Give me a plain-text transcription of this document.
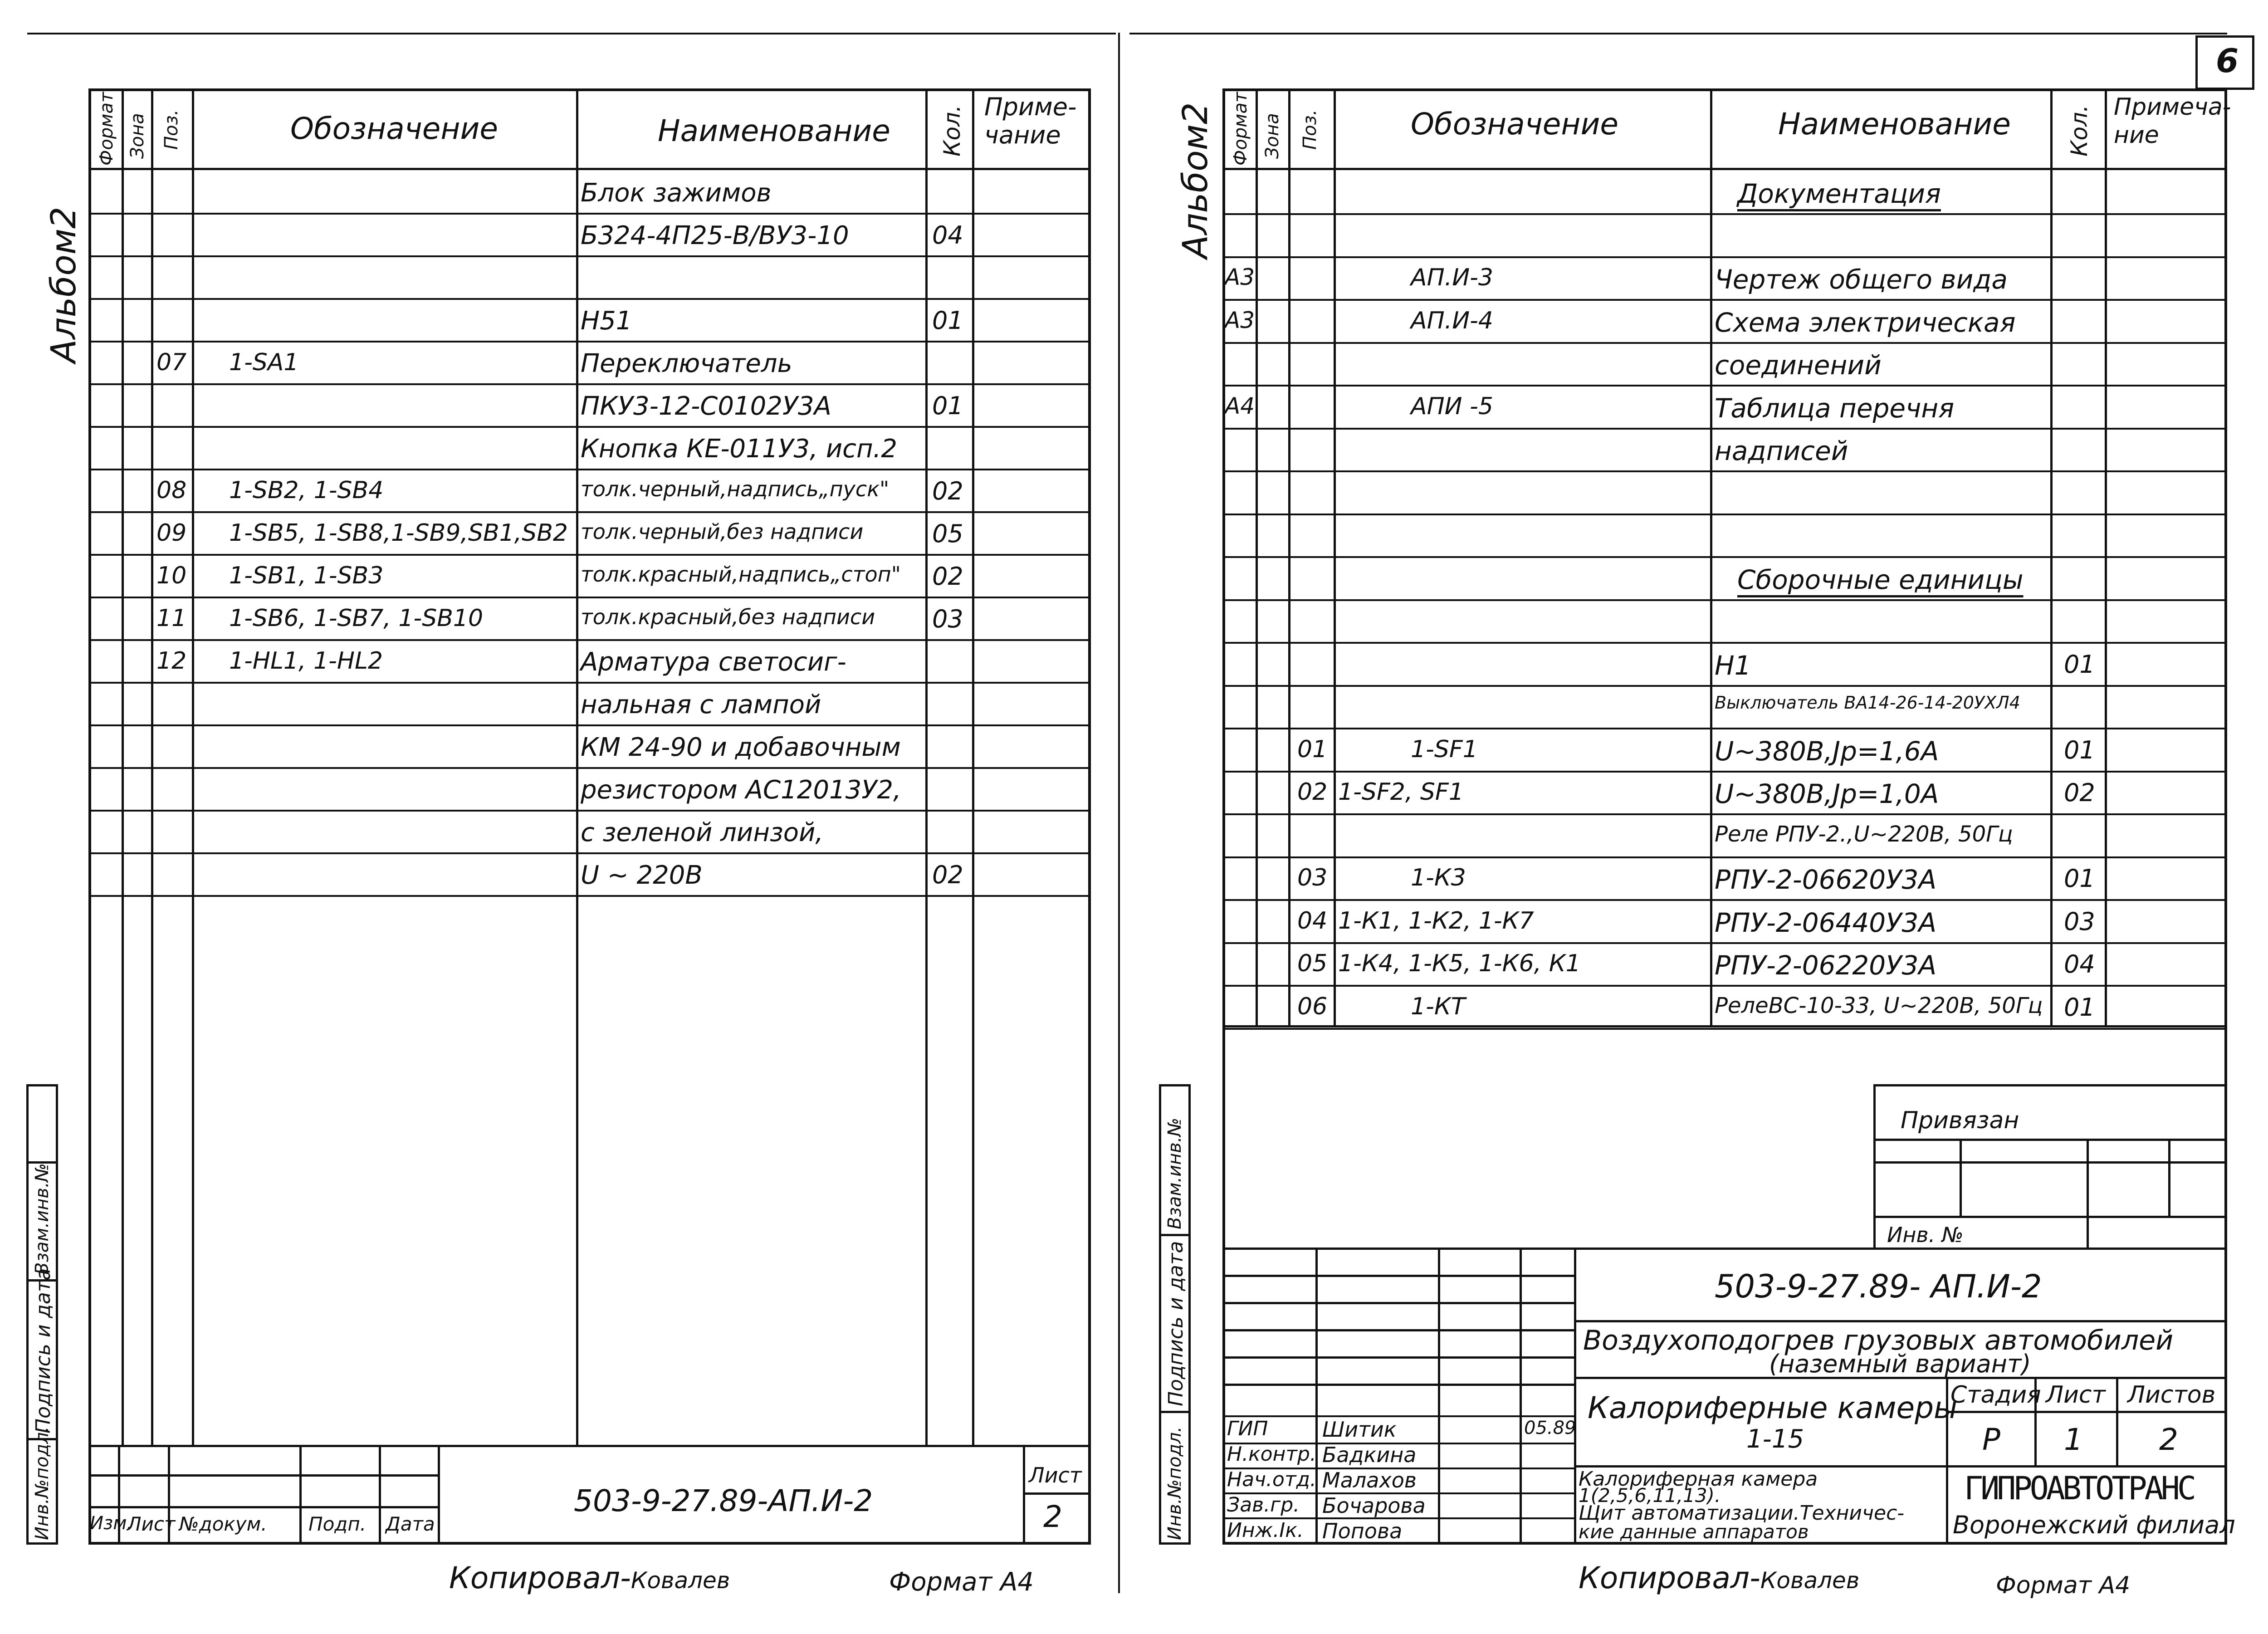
6
Альбом2
Формат Зона Поз.	Обозначение	Наименование Кол. Приме-
чание
Блок зажимов
Б324-4П25-В/ВУ3-10	04
Н51	01
07 1-SA1	Переключатель
ПКУ3-12-С0102У3А	01
Кнопка КЕ-011У3, исп.2
08 1-SB2, 1-SB4	толк.черный,надпись„пуск" 02
09 1-SB5, 1-SB8,1-SB9,SB1,SB2 толк.черный,без надписи	05
10 1-SB1, 1-SB3	толк.красный,надпись„стоп" 02
11 1-SB6, 1-SB7, 1-SB10	толк.красный,без надписи 03
12 1-HL1, 1-HL2	Арматура светосиг-
нальная с лампой
КМ 24-90 и добавочным
резистором АС12013У2,
с зеленой линзой,
U ~ 220В	02
Инв.№подл.
Подпись и дата
Взам.инв.№
Изм.
Лист №докум. Подп. Дата
503-9-27.89-АП.И-2
Лист
2
Копировал-Ковалев	Формат А4
Альбом2 Формат Зона Поз.	Обозначение	Наименование Кол. Примеча-
ние
Документация
А3	АП.И-3	Чертеж общего вида
А3	АП.И-4	Схема электрическая
соединений
А4	АПИ -5	Таблица перечня
надписей
Сборочные единицы
Н1	01
Выключатель ВА14-26-14-20УХЛ4
01	1-SF1	U~380В,Jр=1,6А	01
02 1-SF2, SF1	U~380В,Jр=1,0А	02
Реле РПУ-2.,U~220В, 50Гц
03	1-К3	РПУ-2-06620У3А	01
04 1-К1, 1-К2, 1-К7	РПУ-2-06440У3А	03
05 1-К4, 1-К5, 1-К6, К1	РПУ-2-06220У3А	04
06	1-КТ	РелеВС-10-33, U~220В, 50Гц 01
Привязан
Инв. №
ГИП	Шитик
Н.контр. Бадкина
Нач.отд. Малахов
Зав.гр. Бочарова
Инж.Iк. Попова
05.89
503-9-27.89- АП.И-2
Воздухоподогрев грузовых автомобилей
(наземный вариант)
Калориферные камеры
1-15
Калориферная камера
1(2,5,6,11,13).
Щит автоматизации.Техничес-
кие данные аппаратов
Стадия Лист Листов
Р 1	2
ГИПРОАВТОТРАНС
Воронежский филиал
Инв.№подл.
Подпись и дата
Взам.инв.№
Копировал-Ковалев	Формат А4
